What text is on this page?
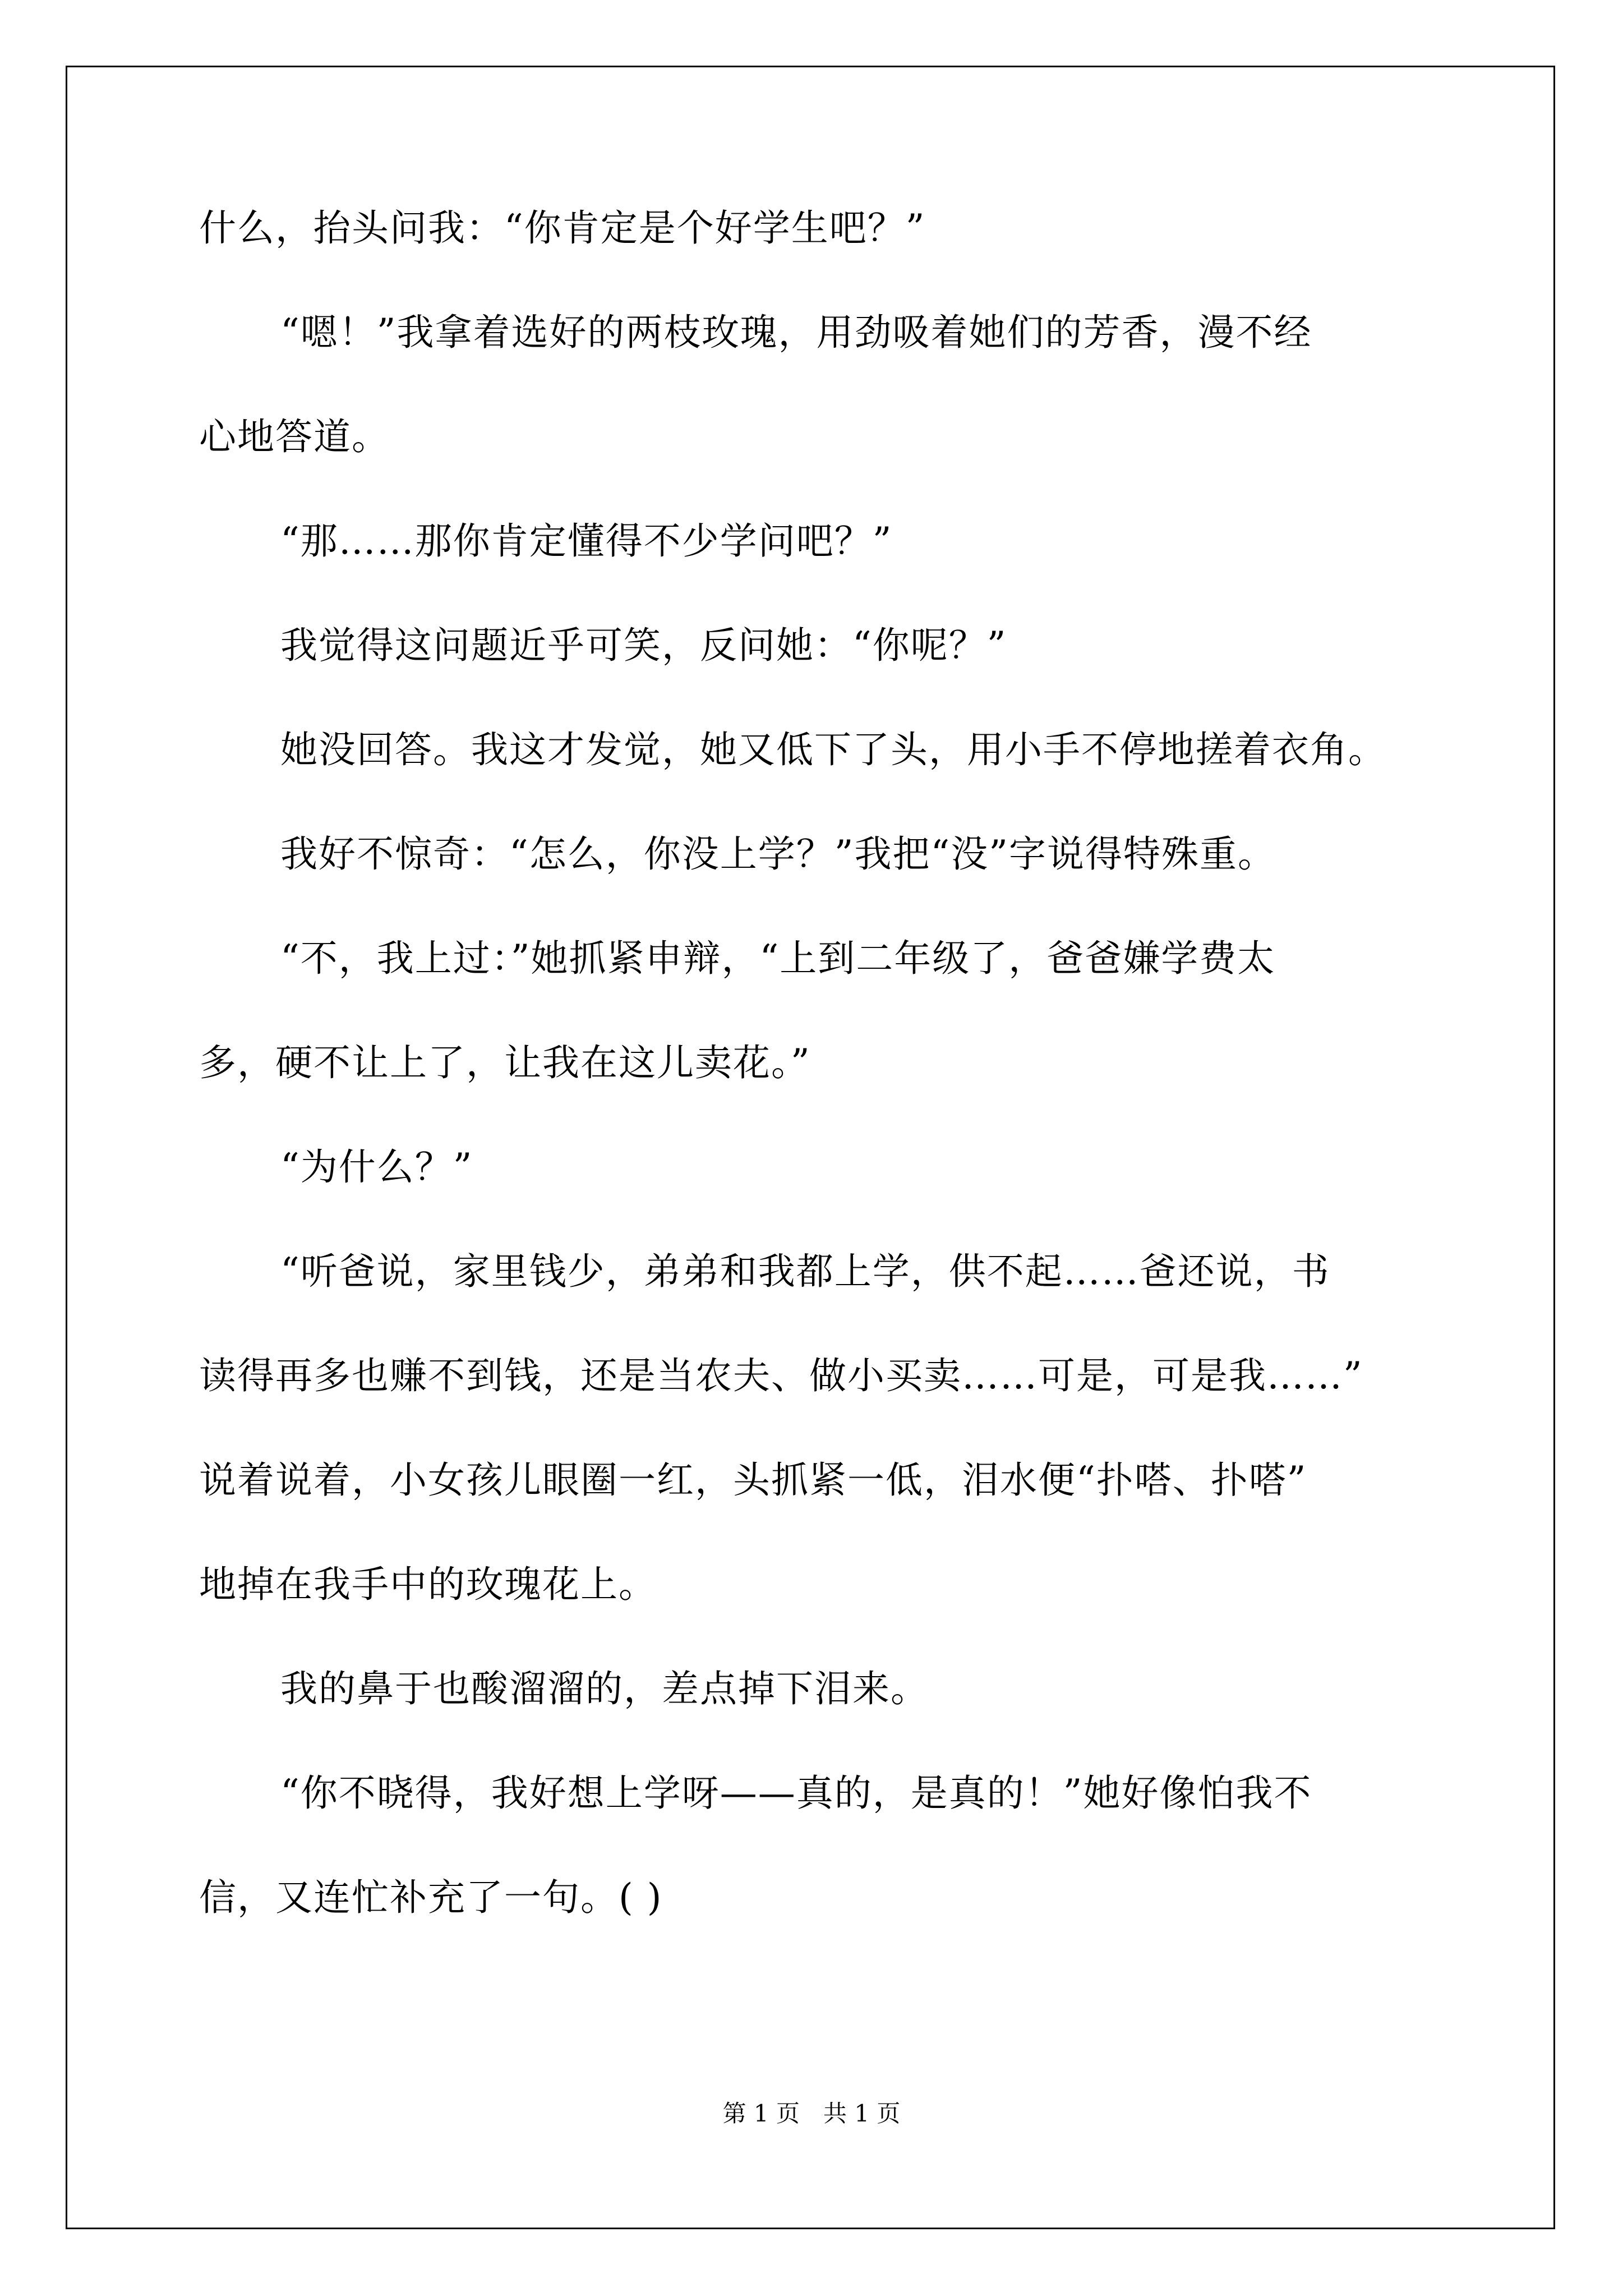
什么，抬头问我：“你肯定是个好学生吧？”
“嗯！”我拿着选好的两枝玫瑰，用劲吸着她们的芳香，漫不经
心地答道。
“那……那你肯定懂得不少学问吧？”
我觉得这问题近乎可笑，反问她：“你呢？”
她没回答。我这才发觉，她又低下了头，用小手不停地搓着衣角。
我好不惊奇：“怎么，你没上学？”我把“没”字说得特殊重。
“不，我上过：”她抓紧申辩，“上到二年级了，爸爸嫌学费太
多，硬不让上了，让我在这儿卖花。”
“为什么？”
“听爸说，家里钱少，弟弟和我都上学，供不起……爸还说，书
读得再多也赚不到钱，还是当农夫、做小买卖……可是，可是我……”
说着说着，小女孩儿眼圈一红，头抓紧一低，泪水便“扑嗒、扑嗒”
地掉在我手中的玫瑰花上。
我的鼻于也酸溜溜的，差点掉下泪来。
“你不晓得，我好想上学呀——真的，是真的！”她好像怕我不
信，又连忙补充了一句。( )
第 1 页　共 1 页
